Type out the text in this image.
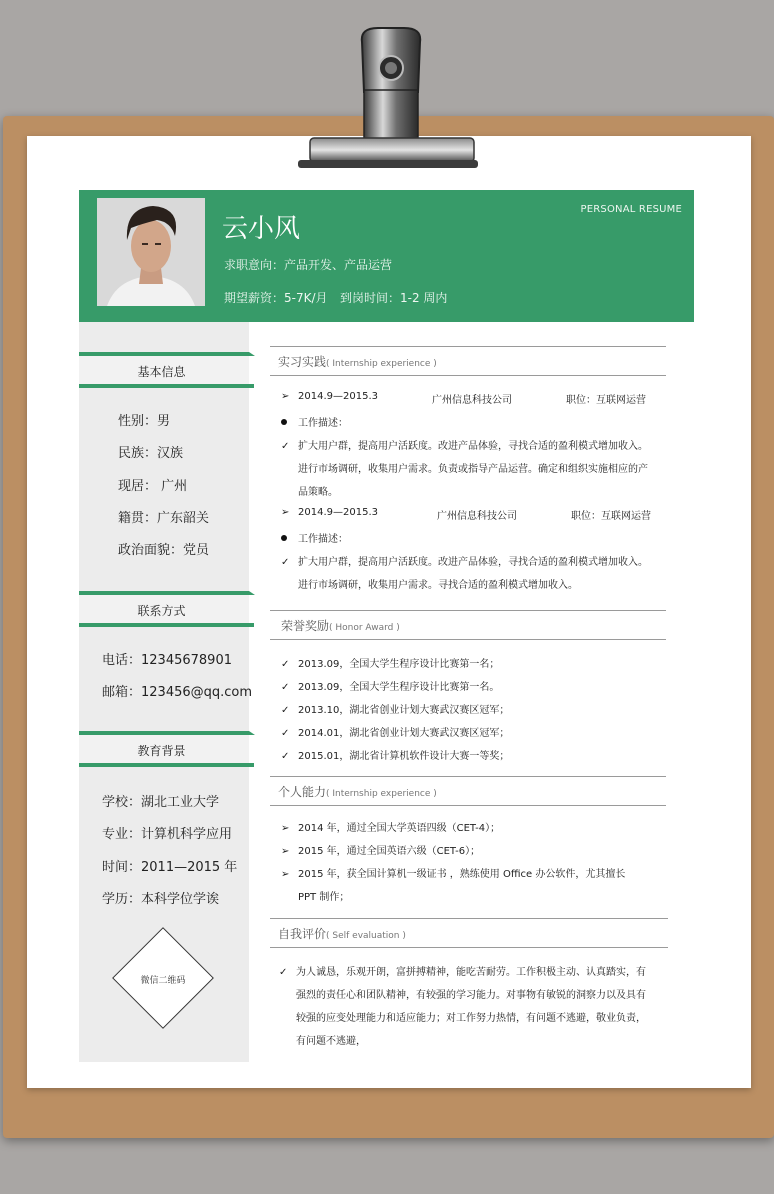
云小风
PERSONAL RESUME
求职意向：产品开发、产品运营
期望薪资：5-7K/月 到岗时间：1-2 周内
基本信息
性别：男
民族：汉族
现居： 广州
籍贯：广东韶关
政治面貌：党员
联系方式
电话：12345678901
邮箱：123456@qq.com
教育背景
学校：湖北工业大学
专业：计算机科学应用
时间：2011—2015 年
学历：本科学位学诶
微信二维码
实习实践( Internship experience )
➢ 2014.9—2015.3	广州信息科技公司	职位：互联网运营
工作描述：
✓ 扩大用户群，提高用户活跃度。改进产品体验，寻找合适的盈利模式增加收入。
进行市场调研，收集用户需求。负责或指导产品运营。确定和组织实施相应的产
品策略。
➢ 2014.9—2015.3	广州信息科技公司	职位：互联网运营
工作描述：
✓ 扩大用户群，提高用户活跃度。改进产品体验，寻找合适的盈利模式增加收入。
进行市场调研，收集用户需求。寻找合适的盈利模式增加收入。
荣誉奖励( Honor Award )
✓ 2013.09，全国大学生程序设计比赛第一名；
✓ 2013.09，全国大学生程序设计比赛第一名。
✓ 2013.10，湖北省创业计划大赛武汉赛区冠军；
✓ 2014.01，湖北省创业计划大赛武汉赛区冠军；
✓ 2015.01，湖北省计算机软件设计大赛一等奖；
个人能力( Internship experience )
➢ 2014 年，通过全国大学英语四级（CET-4）；
➢ 2015 年，通过全国英语六级（CET-6）；
➢ 2015 年，获全国计算机一级证书 ，熟练使用 Office 办公软件，尤其擅长
PPT 制作；
自我评价( Self evaluation )
✓ 为人诚恳，乐观开朗，富拼搏精神，能吃苦耐劳。工作积极主动、认真踏实，有
强烈的责任心和团队精神，有较强的学习能力。对事物有敏锐的洞察力以及具有
较强的应变处理能力和适应能力；对工作努力热情，有问题不逃避，敬业负责，
有问题不逃避，
